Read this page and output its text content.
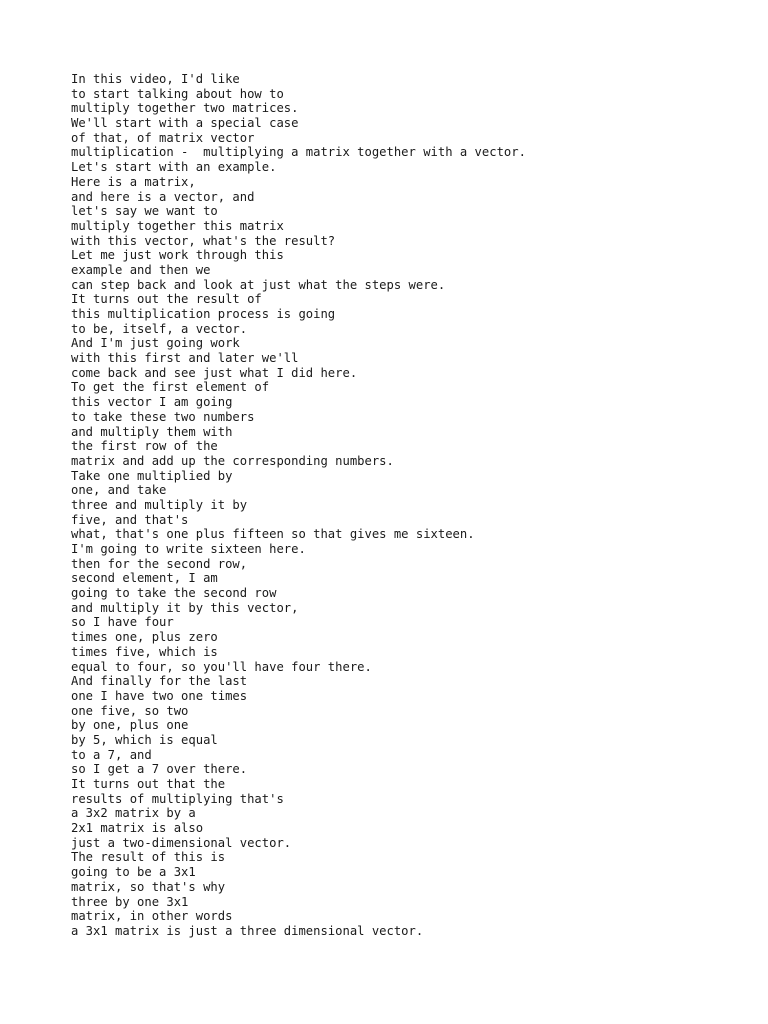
In this video, I'd like
to start talking about how to
multiply together two matrices.
We'll start with a special case
of that, of matrix vector
multiplication -  multiplying a matrix together with a vector.
Let's start with an example.
Here is a matrix,
and here is a vector, and
let's say we want to
multiply together this matrix
with this vector, what's the result?
Let me just work through this
example and then we
can step back and look at just what the steps were.
It turns out the result of
this multiplication process is going
to be, itself, a vector.
And I'm just going work
with this first and later we'll
come back and see just what I did here.
To get the first element of
this vector I am going
to take these two numbers
and multiply them with
the first row of the
matrix and add up the corresponding numbers.
Take one multiplied by
one, and take
three and multiply it by
five, and that's
what, that's one plus fifteen so that gives me sixteen.
I'm going to write sixteen here.
then for the second row,
second element, I am
going to take the second row
and multiply it by this vector,
so I have four
times one, plus zero
times five, which is
equal to four, so you'll have four there.
And finally for the last
one I have two one times
one five, so two
by one, plus one
by 5, which is equal
to a 7, and
so I get a 7 over there.
It turns out that the
results of multiplying that's
a 3x2 matrix by a
2x1 matrix is also
just a two-dimensional vector.
The result of this is
going to be a 3x1
matrix, so that's why
three by one 3x1
matrix, in other words
a 3x1 matrix is just a three dimensional vector.
